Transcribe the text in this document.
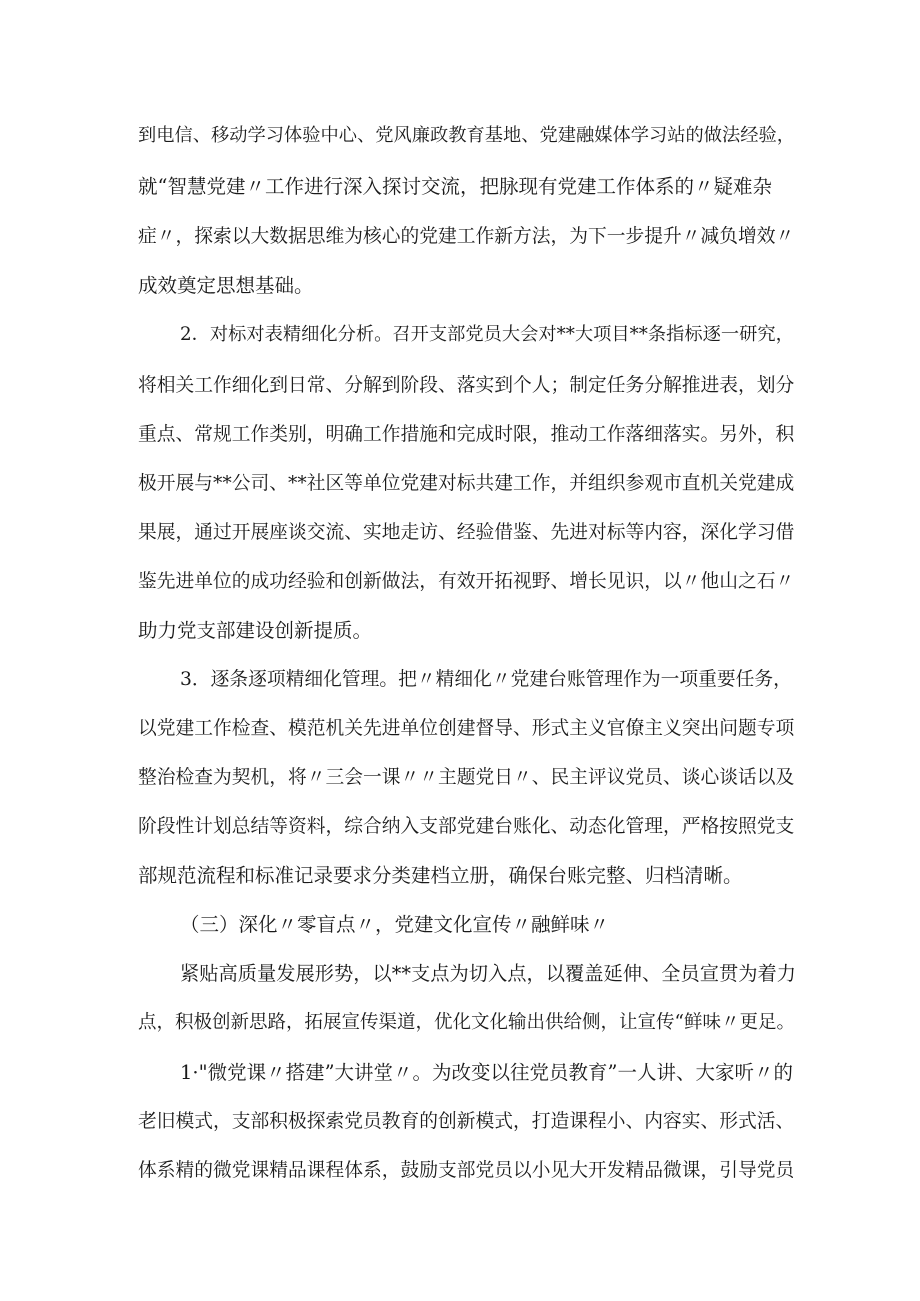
到电信、移动学习体验中心、党风廉政教育基地、党建融媒体学习站的做法经验，
就“智慧党建〃工作进行深入探讨交流，把脉现有党建工作体系的〃疑难杂
症〃，探索以大数据思维为核心的党建工作新方法，为下一步提升〃减负增效〃
成效奠定思想基础。
2．对标对表精细化分析。召开支部党员大会对**大项目**条指标逐一研究，
将相关工作细化到日常、分解到阶段、落实到个人；制定任务分解推进表，划分
重点、常规工作类别，明确工作措施和完成时限，推动工作落细落实。另外，积
极开展与**公司、**社区等单位党建对标共建工作，并组织参观市直机关党建成
果展，通过开展座谈交流、实地走访、经验借鉴、先进对标等内容，深化学习借
鉴先进单位的成功经验和创新做法，有效开拓视野、增长见识，以〃他山之石〃
助力党支部建设创新提质。
3．逐条逐项精细化管理。把〃精细化〃党建台账管理作为一项重要任务，
以党建工作检查、模范机关先进单位创建督导、形式主义官僚主义突出问题专项
整治检查为契机，将〃三会一课〃〃主题党日〃、民主评议党员、谈心谈话以及
阶段性计划总结等资料，综合纳入支部党建台账化、动态化管理，严格按照党支
部规范流程和标准记录要求分类建档立册，确保台账完整、归档清晰。
（三）深化〃零盲点〃，党建文化宣传〃融鲜味〃
紧贴高质量发展形势，以**支点为切入点，以覆盖延伸、全员宣贯为着力
点，积极创新思路，拓展宣传渠道，优化文化输出供给侧，让宣传“鲜味〃更足。
1·"微党课〃搭建”大讲堂〃。为改变以往党员教育”一人讲、大家听〃的
老旧模式，支部积极探索党员教育的创新模式，打造课程小、内容实、形式活、
体系精的微党课精品课程体系，鼓励支部党员以小见大开发精品微课，引导党员
